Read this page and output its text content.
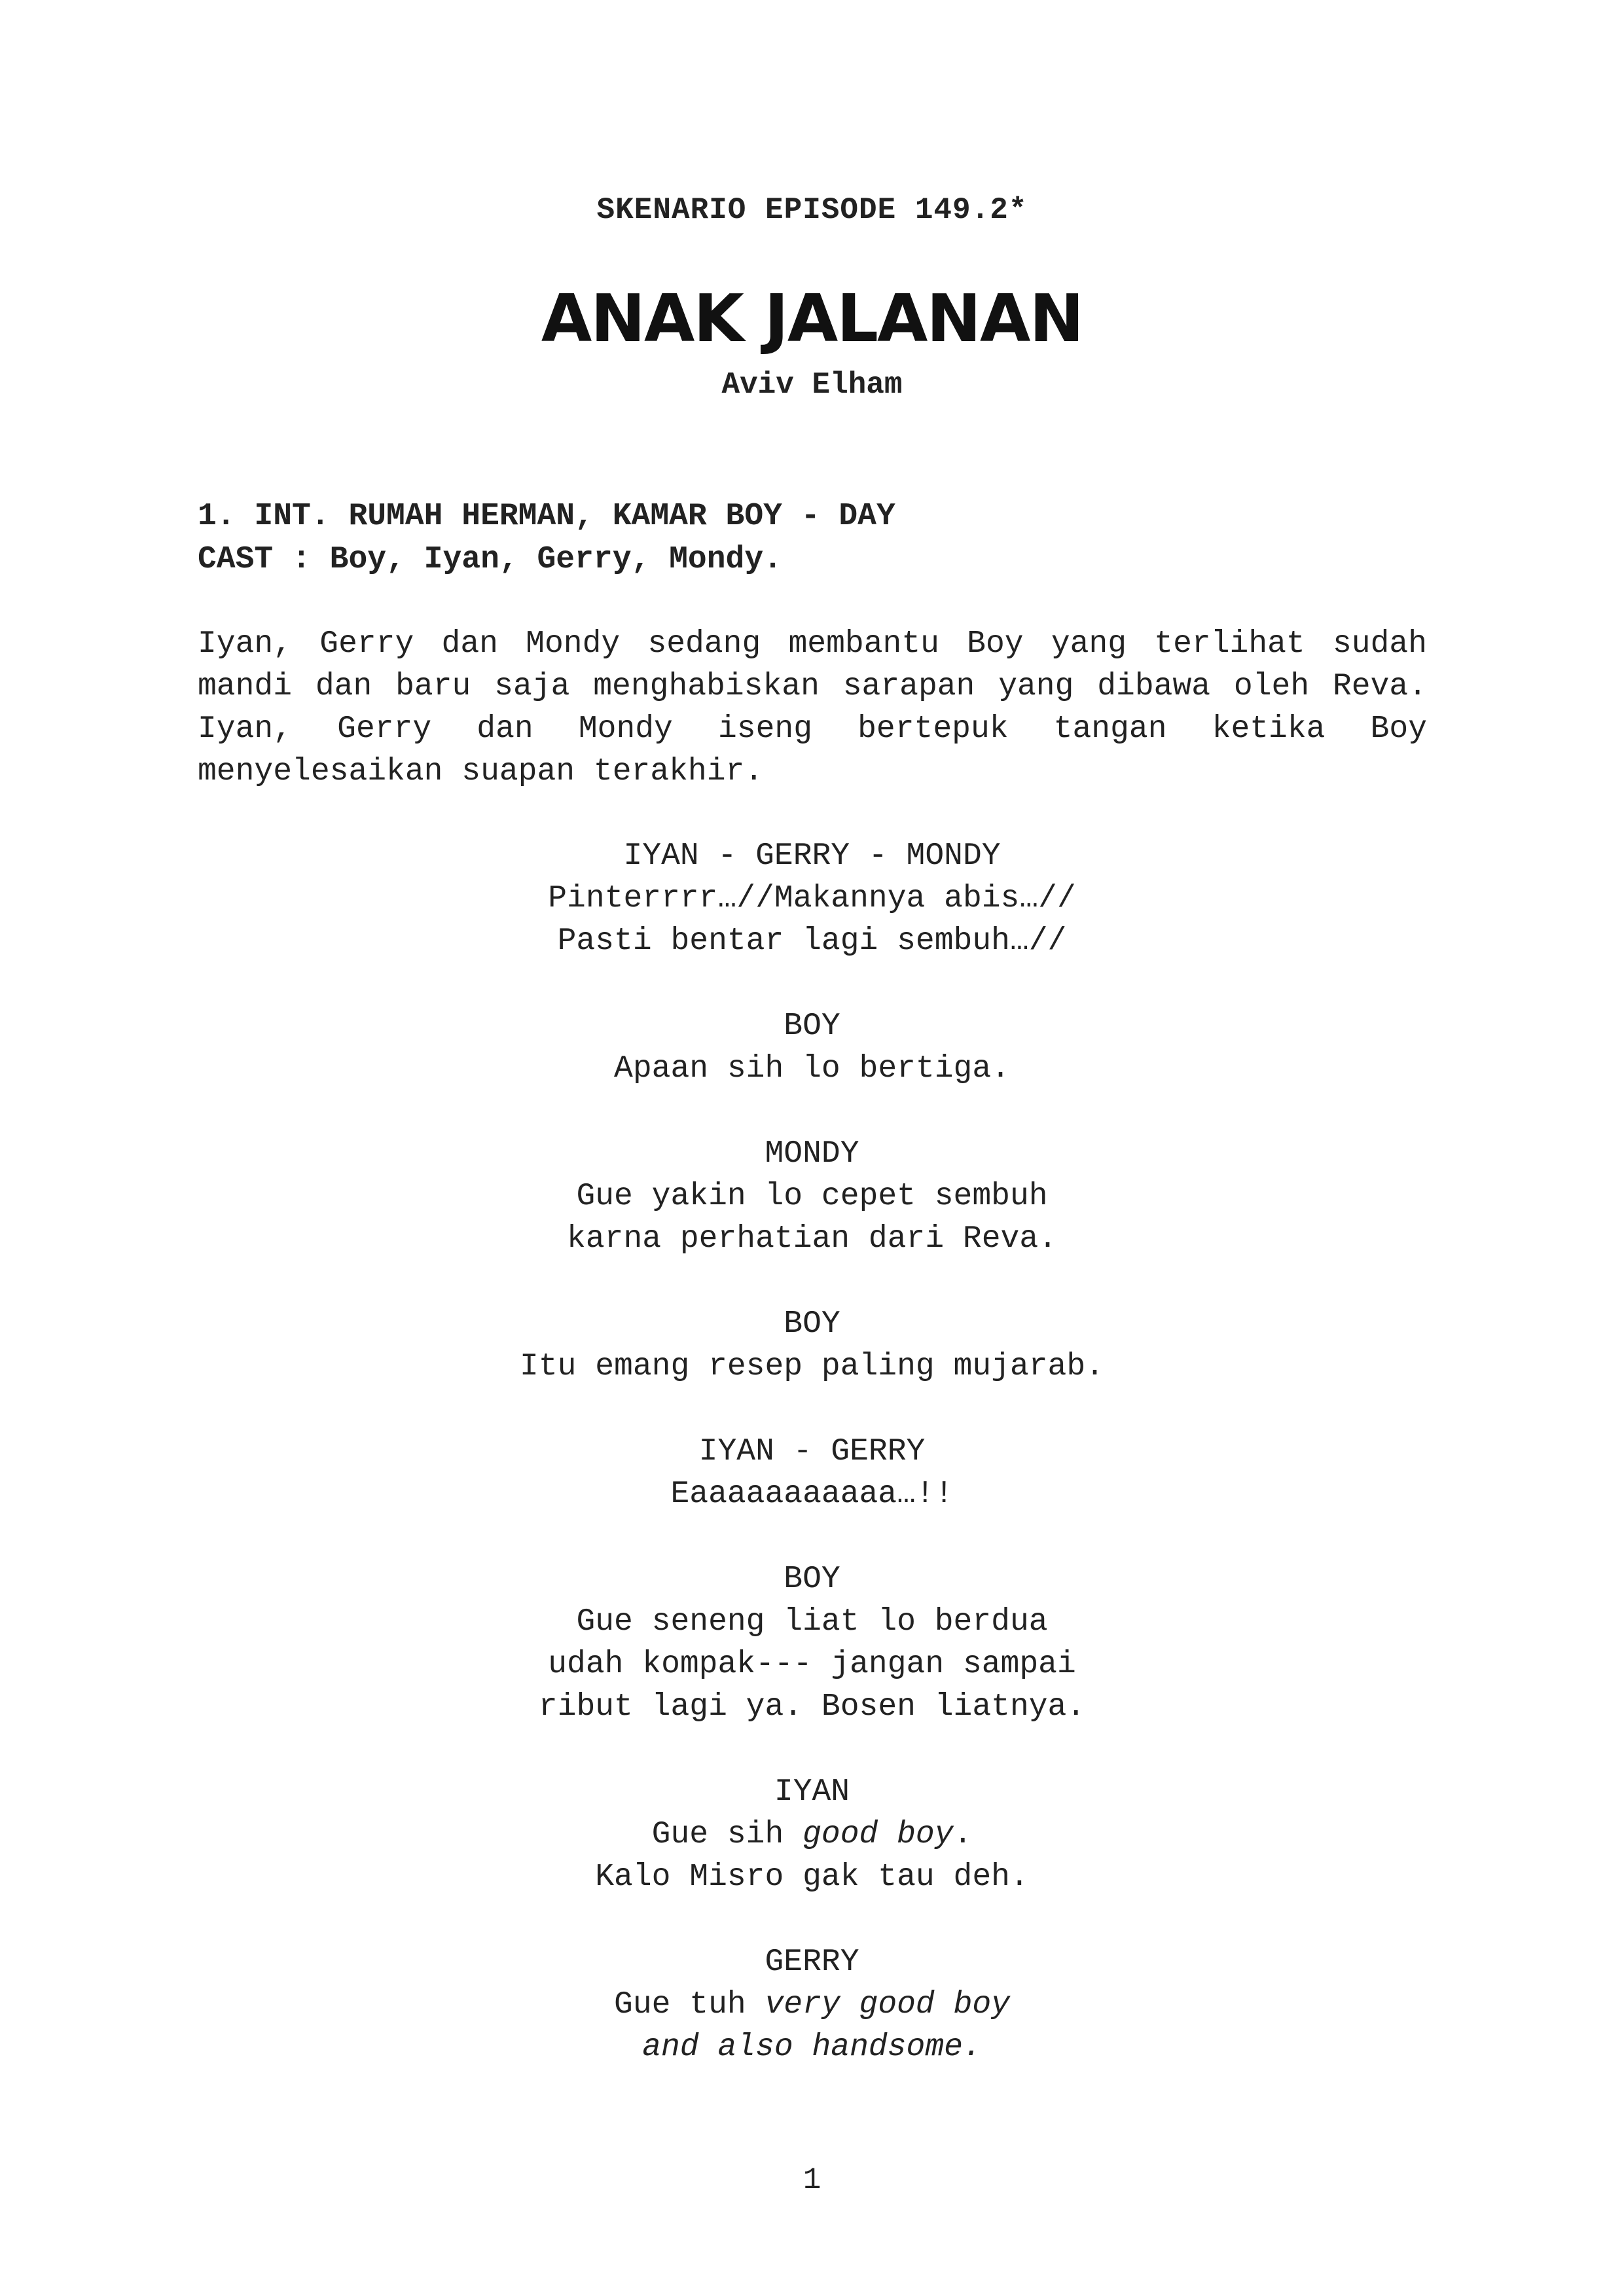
SKENARIO EPISODE 149.2*
ANAK JALANAN
Aviv Elham
1. INT. RUMAH HERMAN, KAMAR BOY - DAY
CAST : Boy, Iyan, Gerry, Mondy.
Iyan, Gerry dan Mondy sedang membantu Boy yang terlihat sudah mandi dan baru saja menghabiskan sarapan yang dibawa oleh Reva. Iyan, Gerry dan Mondy iseng bertepuk tangan ketika Boy menyelesaikan suapan terakhir.
IYAN - GERRY - MONDY
Pinterrrr…//Makannya abis…//
Pasti bentar lagi sembuh…//
BOY
Apaan sih lo bertiga.
MONDY
Gue yakin lo cepet sembuh
karna perhatian dari Reva.
BOY
Itu emang resep paling mujarab.
IYAN - GERRY
Eaaaaaaaaaaa…!!
BOY
Gue seneng liat lo berdua
udah kompak--- jangan sampai
ribut lagi ya. Bosen liatnya.
IYAN
Gue sih good boy.
Kalo Misro gak tau deh.
GERRY
Gue tuh very good boy
and also handsome.
1
